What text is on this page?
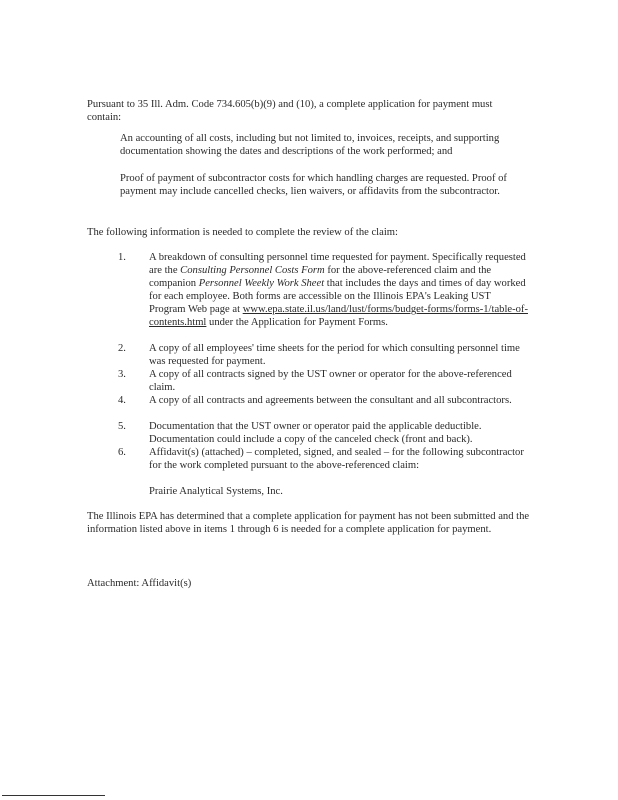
Pursuant to 35 Ill. Adm. Code 734.605(b)(9) and (10), a complete application for payment must contain:

An accounting of all costs, including but not limited to, invoices, receipts, and supporting documentation showing the dates and descriptions of the work performed; and

Proof of payment of subcontractor costs for which handling charges are requested. Proof of payment may include cancelled checks, lien waivers, or affidavits from the subcontractor.

The following information is needed to complete the review of the claim:

1.	A breakdown of consulting personnel time requested for payment. Specifically requested are the Consulting Personnel Costs Form for the above-referenced claim and the companion Personnel Weekly Work Sheet that includes the days and times of day worked for each employee. Both forms are accessible on the Illinois EPA's Leaking UST Program Web page at www.epa.state.il.us/land/lust/forms/budget-forms/forms-1/table-of-contents.html under the Application for Payment Forms.
2.	A copy of all employees' time sheets for the period for which consulting personnel time was requested for payment.
3.	A copy of all contracts signed by the UST owner or operator for the above-referenced claim.
4.	A copy of all contracts and agreements between the consultant and all subcontractors.
5.	Documentation that the UST owner or operator paid the applicable deductible. Documentation could include a copy of the canceled check (front and back).
6.	Affidavit(s) (attached) – completed, signed, and sealed – for the following subcontractor for the work completed pursuant to the above-referenced claim:

Prairie Analytical Systems, Inc.

The Illinois EPA has determined that a complete application for payment has not been submitted and the information listed above in items 1 through 6 is needed for a complete application for payment.

Attachment: Affidavit(s)
